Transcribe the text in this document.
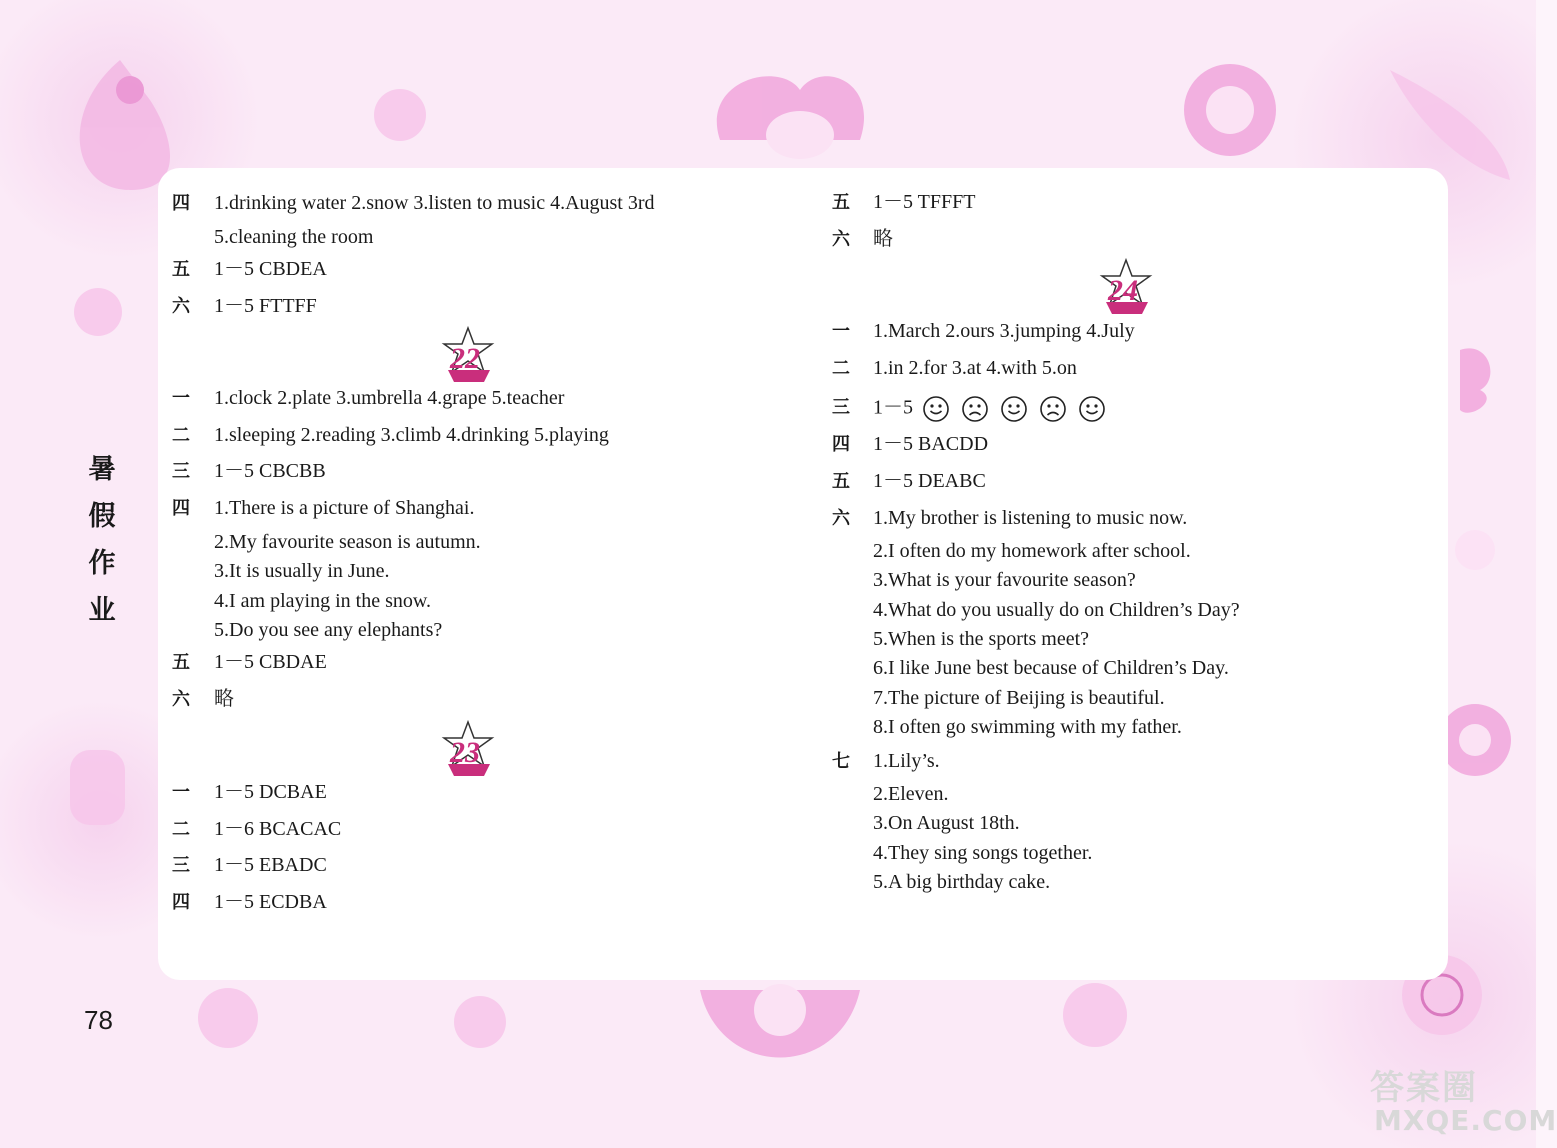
四 1.drinking water 2.snow 3.listen to music 4.August 3rd
5.cleaning the room
五 1－5 CBDEA
六 1－5 FTTFF
22
一 1.clock 2.plate 3.umbrella 4.grape 5.teacher
二 1.sleeping 2.reading 3.climb 4.drinking 5.playing
三 1－5 CBCBB
四 1.There is a picture of Shanghai.
2.My favourite season is autumn.
3.It is usually in June.
4.I am playing in the snow.
5.Do you see any elephants?
五 1－5 CBDAE
六 略
23
一 1－5 DCBAE
二 1－6 BCACAC
三 1－5 EBADC
四 1－5 ECDBA
五 1－5 TFFFT
六 略
24
一 1.March 2.ours 3.jumping 4.July
二 1.in 2.for 3.at 4.with 5.on
三 1－5
四 1－5 BACDD
五 1－5 DEABC
六 1.My brother is listening to music now.
2.I often do my homework after school.
3.What is your favourite season?
4.What do you usually do on Children’s Day?
5.When is the sports meet?
6.I like June best because of Children’s Day.
7.The picture of Beijing is beautiful.
8.I often go swimming with my father.
七 1.Lily’s.
2.Eleven.
3.On August 18th.
4.They sing songs together.
5.A big birthday cake.
暑
假
作
业
78
答案圈
MXQE.COM
